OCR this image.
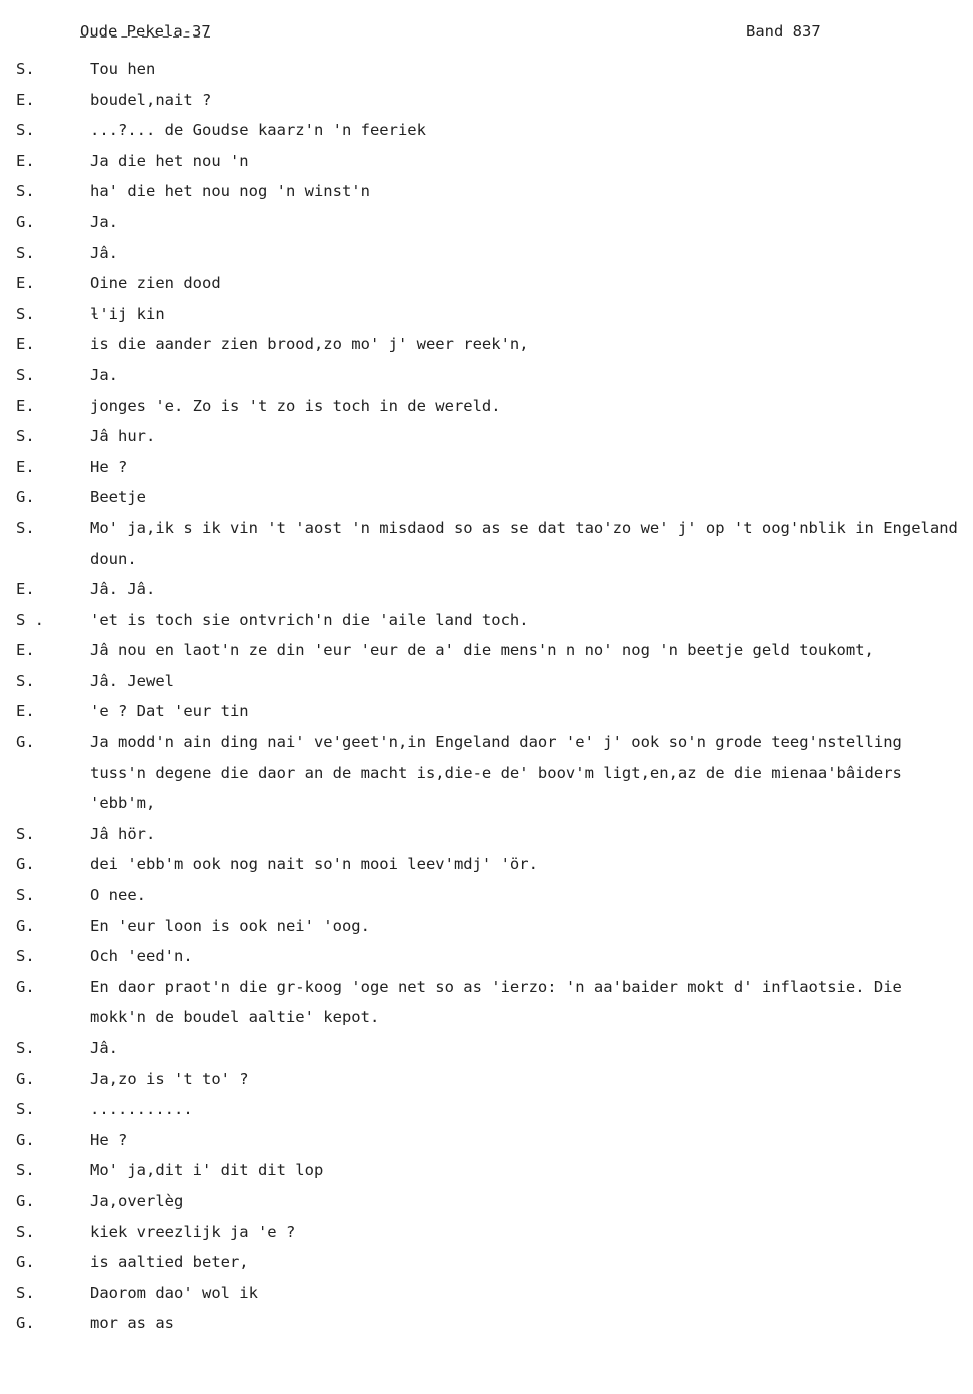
Oude Pekela-37	Band 837
S.	Tou hen
E.	boudel,nait ?
S.	...?... de Goudse kaarz'n 'n feeriek
E.	Ja die het nou 'n
S.	ha' die het nou nog 'n winst'n
G.	Ja.
S.	Jâ.
E.	Oine zien dood
S.	ƚ'ij kin
E.	is die aander zien brood,zo mo' j' weer reek'n,
S.	Ja.
E.	jonges 'e. Zo is 't zo is toch in de wereld.
S.	Jâ hur.
E.	He ?
G.	Beetje
S.	Mo' ja,ik s ik vin 't 'aost 'n misdaod so as se dat tao'zo we' j' op 't oog'nblik in Engeland doun.
E.	Jâ. Jâ.
S .	'et is toch sie ontvrich'n die 'aile land toch.
E.	Jâ nou en laot'n ze din 'eur 'eur de a' die mens'n n no' nog 'n beetje geld toukomt,
S.	Jâ. Jewel
E.	'e ? Dat 'eur tin
G.	Ja modd'n ain ding nai' ve'geet'n,in Engeland daor 'e' j' ook so'n grode teeg'nstelling tuss'n degene die daor an de macht is,die-e de' boov'm ligt,en,az de die mienaa'bâiders 'ebb'm,
S.	Jâ hör.
G.	dei 'ebb'm ook nog nait so'n mooi leev'mdj' 'ör.
S.	O nee.
G.	En 'eur loon is ook nei' 'oog.
S.	Och 'eed'n.
G.	En daor praot'n die gr-koog 'oge net so as 'ierzo: 'n aa'baider mokt d' inflaotsie. Die mokk'n de boudel aaltie' kepot.
S.	Jâ.
G.	Ja,zo is 't to' ?
S.	...........
G.	He ?
S.	Mo' ja,dit i' dit dit lop
G.	Ja,overlèg
S.	kiek vreezlijk ja 'e ?
G.	is aaltied beter,
S.	Daorom dao' wol ik
G.	mor as as
